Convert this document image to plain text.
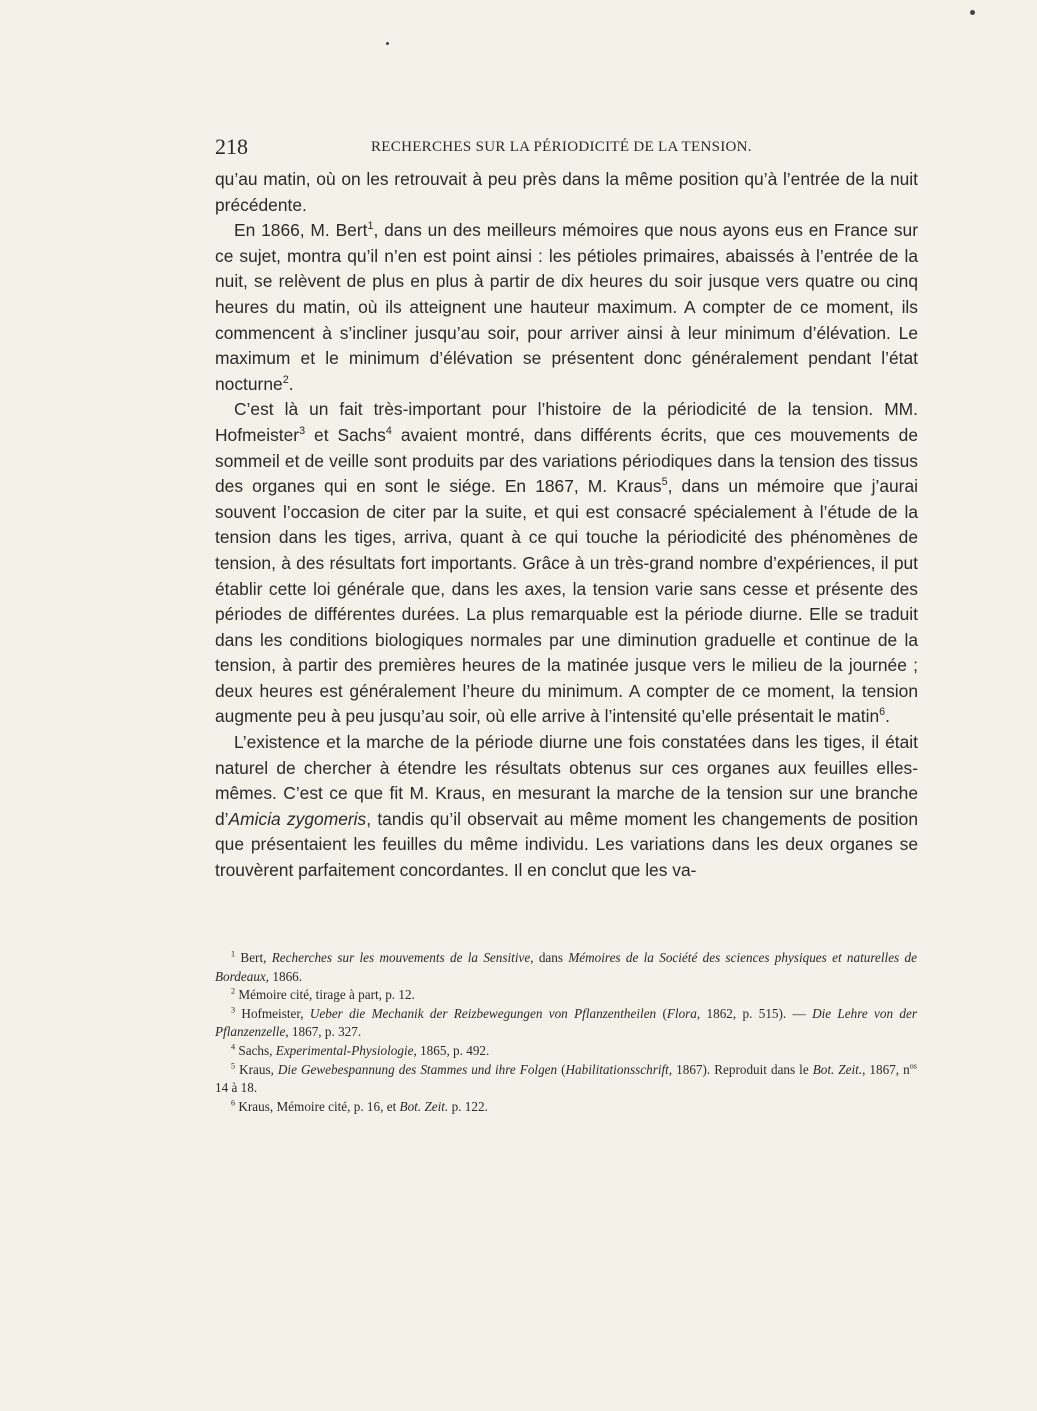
218	RECHERCHES SUR LA PÉRIODICITÉ DE LA TENSION.

qu’au matin, où on les retrouvait à peu près dans la même position qu’à l’entrée de la nuit précédente.

En 1866, M. Bert$^1$, dans un des meilleurs mémoires que nous ayons eus en France sur ce sujet, montra qu’il n’en est point ainsi : les pétioles primaires, abaissés à l’entrée de la nuit, se relèvent de plus en plus à partir de dix heures du soir jusque vers quatre ou cinq heures du matin, où ils atteignent une hauteur maximum. A compter de ce moment, ils commencent à s’incliner jusqu’au soir, pour arriver ainsi à leur minimum d’élévation. Le maximum et le minimum d’élévation se présentent donc généralement pendant l’état nocturne$^2$.

C’est là un fait très-important pour l’histoire de la périodicité de la tension. MM. Hofmeister$^3$ et Sachs$^4$ avaient montré, dans différents écrits, que ces mouvements de sommeil et de veille sont produits par des variations périodiques dans la tension des tissus des organes qui en sont le siége. En 1867, M. Kraus$^5$, dans un mémoire que j’aurai souvent l’occasion de citer par la suite, et qui est consacré spécialement à l’étude de la tension dans les tiges, arriva, quant à ce qui touche la périodicité des phénomènes de tension, à des résultats fort importants. Grâce à un très-grand nombre d’expériences, il put établir cette loi générale que, dans les axes, la tension varie sans cesse et présente des périodes de différentes durées. La plus remarquable est la période diurne. Elle se traduit dans les conditions biologiques normales par une diminution graduelle et continue de la tension, à partir des premières heures de la matinée jusque vers le milieu de la journée ; deux heures est généralement l’heure du minimum. A compter de ce moment, la tension augmente peu à peu jusqu’au soir, où elle arrive à l’intensité qu’elle présentait le matin$^6$.

L’existence et la marche de la période diurne une fois constatées dans les tiges, il était naturel de chercher à étendre les résultats obtenus sur ces organes aux feuilles elles-mêmes. C’est ce que fit M. Kraus, en mesurant la marche de la tension sur une branche d’Amicia zygomeris, tandis qu’il observait au même moment les changements de position que présentaient les feuilles du même individu. Les variations dans les deux organes se trouvèrent parfaitement concordantes. Il en conclut que les va-

$^1$ Bert, Recherches sur les mouvements de la Sensitive, dans Mémoires de la Société des sciences physiques et naturelles de Bordeaux, 1866.

$^2$ Mémoire cité, tirage à part, p. 12.

$^3$ Hofmeister, Ueber die Mechanik der Reizbewegungen von Pflanzentheilen (Flora, 1862, p. 515). — Die Lehre von der Pflanzenzelle, 1867, p. 327.

$^4$ Sachs, Experimental-Physiologie, 1865, p. 492.

$^5$ Kraus, Die Gewebespannung des Stammes und ihre Folgen (Habilitationsschrift, 1867). Reproduit dans le Bot. Zeit., 1867, $n^{os}$ 14 à 18.

$^6$ Kraus, Mémoire cité, p. 16, et Bot. Zeit. p. 122.
